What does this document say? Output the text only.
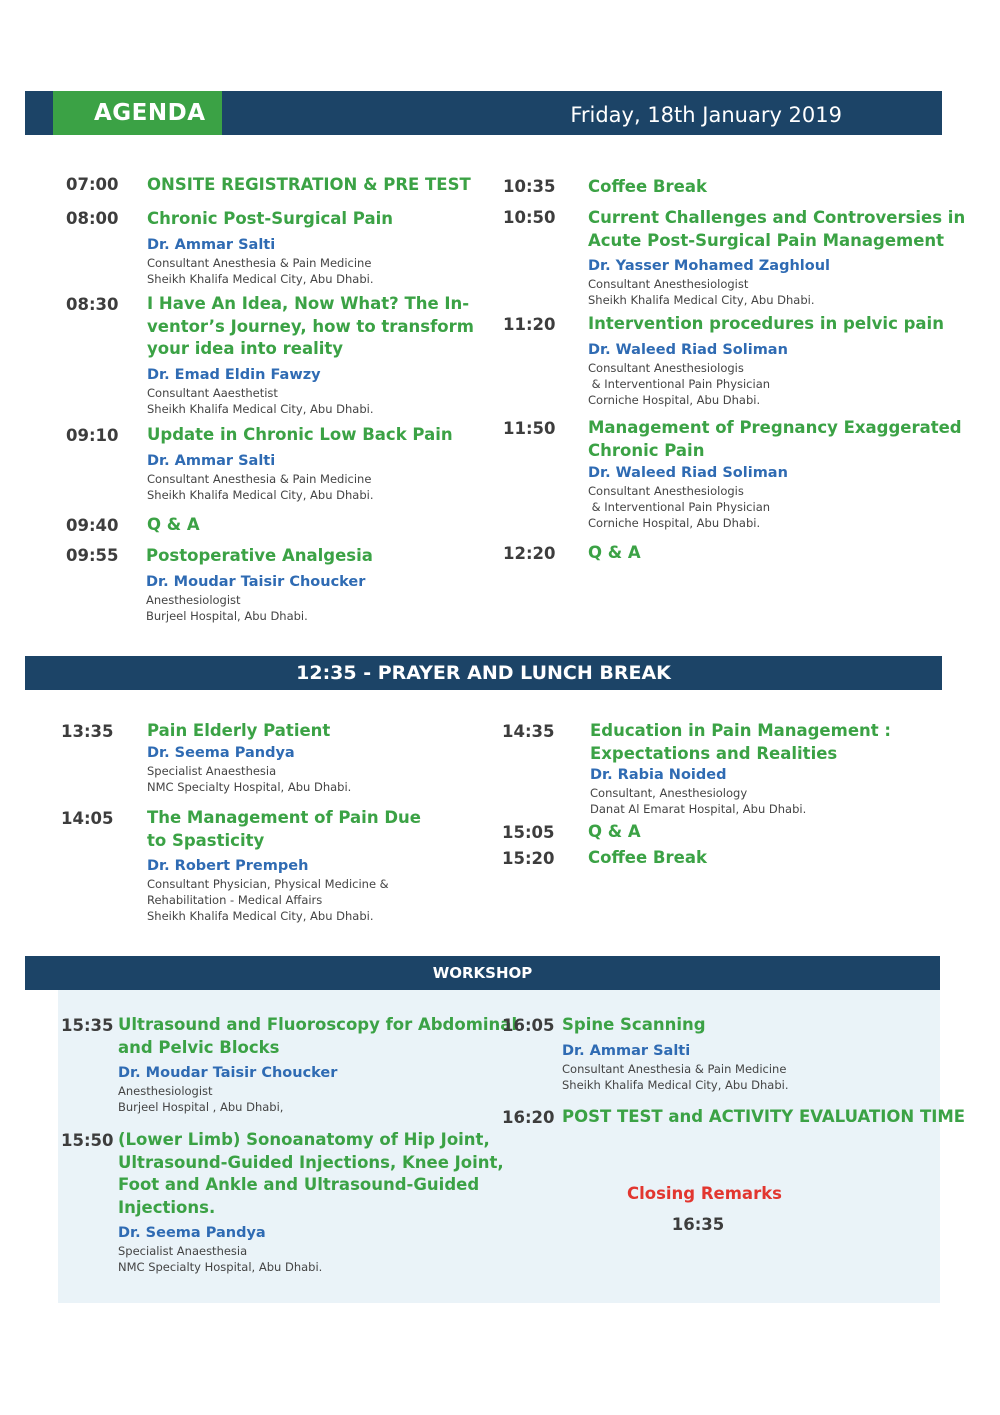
AGENDA	Friday, 18th January 2019
07:00 ONSITE REGISTRATION & PRE TEST
08:00 Chronic Post-Surgical Pain
Dr. Ammar Salti
Consultant Anesthesia & Pain Medicine
Sheikh Khalifa Medical City, Abu Dhabi.
08:30 I Have An Idea, Now What? The In-
ventor’s Journey, how to transform
your idea into reality
Dr. Emad Eldin Fawzy
Consultant Aaesthetist
Sheikh Khalifa Medical City, Abu Dhabi.
09:10 Update in Chronic Low Back Pain
Dr. Ammar Salti
Consultant Anesthesia & Pain Medicine
Sheikh Khalifa Medical City, Abu Dhabi.
09:40 Q & A
09:55 Postoperative Analgesia
Dr. Moudar Taisir Choucker
Anesthesiologist
Burjeel Hospital, Abu Dhabi.
10:35 Coffee Break
10:50 Current Challenges and Controversies in
Acute Post-Surgical Pain Management
Dr. Yasser Mohamed Zaghloul
Consultant Anesthesiologist
Sheikh Khalifa Medical City, Abu Dhabi.
11:20 Intervention procedures in pelvic pain
Dr. Waleed Riad Soliman
Consultant Anesthesiologis
& Interventional Pain Physician
Corniche Hospital, Abu Dhabi.
11:50 Management of Pregnancy Exaggerated
Chronic Pain
Dr. Waleed Riad Soliman
Consultant Anesthesiologis
& Interventional Pain Physician
Corniche Hospital, Abu Dhabi.
12:20 Q & A
12:35 - PRAYER AND LUNCH BREAK
13:35 Pain Elderly Patient
Dr. Seema Pandya
Specialist Anaesthesia
NMC Specialty Hospital, Abu Dhabi.
14:05 The Management of Pain Due
to Spasticity
Dr. Robert Prempeh
Consultant Physician, Physical Medicine &
Rehabilitation - Medical Affairs
Sheikh Khalifa Medical City, Abu Dhabi.
14:35 Education in Pain Management :
Expectations and Realities
Dr. Rabia Noided
Consultant, Anesthesiology
Danat Al Emarat Hospital, Abu Dhabi.
15:05 Q & A
15:20 Coffee Break
WORKSHOP
15:35 Ultrasound and Fluoroscopy for Abdominal
and Pelvic Blocks
Dr. Moudar Taisir Choucker
Anesthesiologist
Burjeel Hospital , Abu Dhabi,
15:50 (Lower Limb) Sonoanatomy of Hip Joint,
Ultrasound-Guided Injections, Knee Joint,
Foot and Ankle and Ultrasound-Guided
Injections.
Dr. Seema Pandya
Specialist Anaesthesia
NMC Specialty Hospital, Abu Dhabi.
16:05 Spine Scanning
Dr. Ammar Salti
Consultant Anesthesia & Pain Medicine
Sheikh Khalifa Medical City, Abu Dhabi.
16:20 POST TEST and ACTIVITY EVALUATION TIME
Closing Remarks
16:35
